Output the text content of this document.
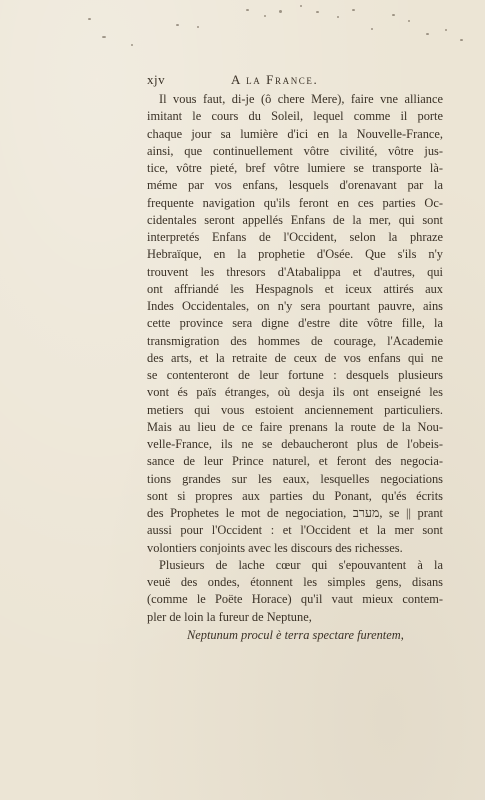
xjv	A la France.
Il vous faut, di-je (ô chere Mere), faire vne alliance
imitant le cours du Soleil, lequel comme il porte
chaque jour sa lumière d'ici en la Nouvelle-France,
ainsi, que continuellement vôtre civilité, vôtre jus-
tice, vôtre pieté, bref vôtre lumiere se transporte là-
méme par vos enfans, lesquels d'orenavant par la
frequente navigation qu'ils feront en ces parties Oc-
cidentales seront appellés Enfans de la mer, qui sont
interpretés Enfans de l'Occident, selon la phraze
Hebraïque, en la prophetie d'Osée. Que s'ils n'y
trouvent les thresors d'Atabalippa et d'autres, qui
ont affriandé les Hespagnols et iceux attirés aux
Indes Occidentales, on n'y sera pourtant pauvre, ains
cette province sera digne d'estre dite vôtre fille, la
transmigration des hommes de courage, l'Academie
des arts, et la retraite de ceux de vos enfans qui ne
se contenteront de leur fortune : desquels plusieurs
vont és païs étranges, où desja ils ont enseigné les
metiers qui vous estoient anciennement particuliers.
Mais au lieu de ce faire prenans la route de la Nou-
velle-France, ils ne se debaucheront plus de l'obeis-
sance de leur Prince naturel, et feront des negocia-
tions grandes sur les eaux, lesquelles negociations
sont si propres aux parties du Ponant, qu'és écrits
des Prophetes le mot de negociation, מערב, se || prant
aussi pour l'Occident : et l'Occident et la mer sont
volontiers conjoints avec les discours des richesses.
Plusieurs de lache cœur qui s'epouvantent à la
veuë des ondes, étonnent les simples gens, disans
(comme le Poëte Horace) qu'il vaut mieux contem-
pler de loin la fureur de Neptune,
Neptunum procul è terra spectare furentem,
